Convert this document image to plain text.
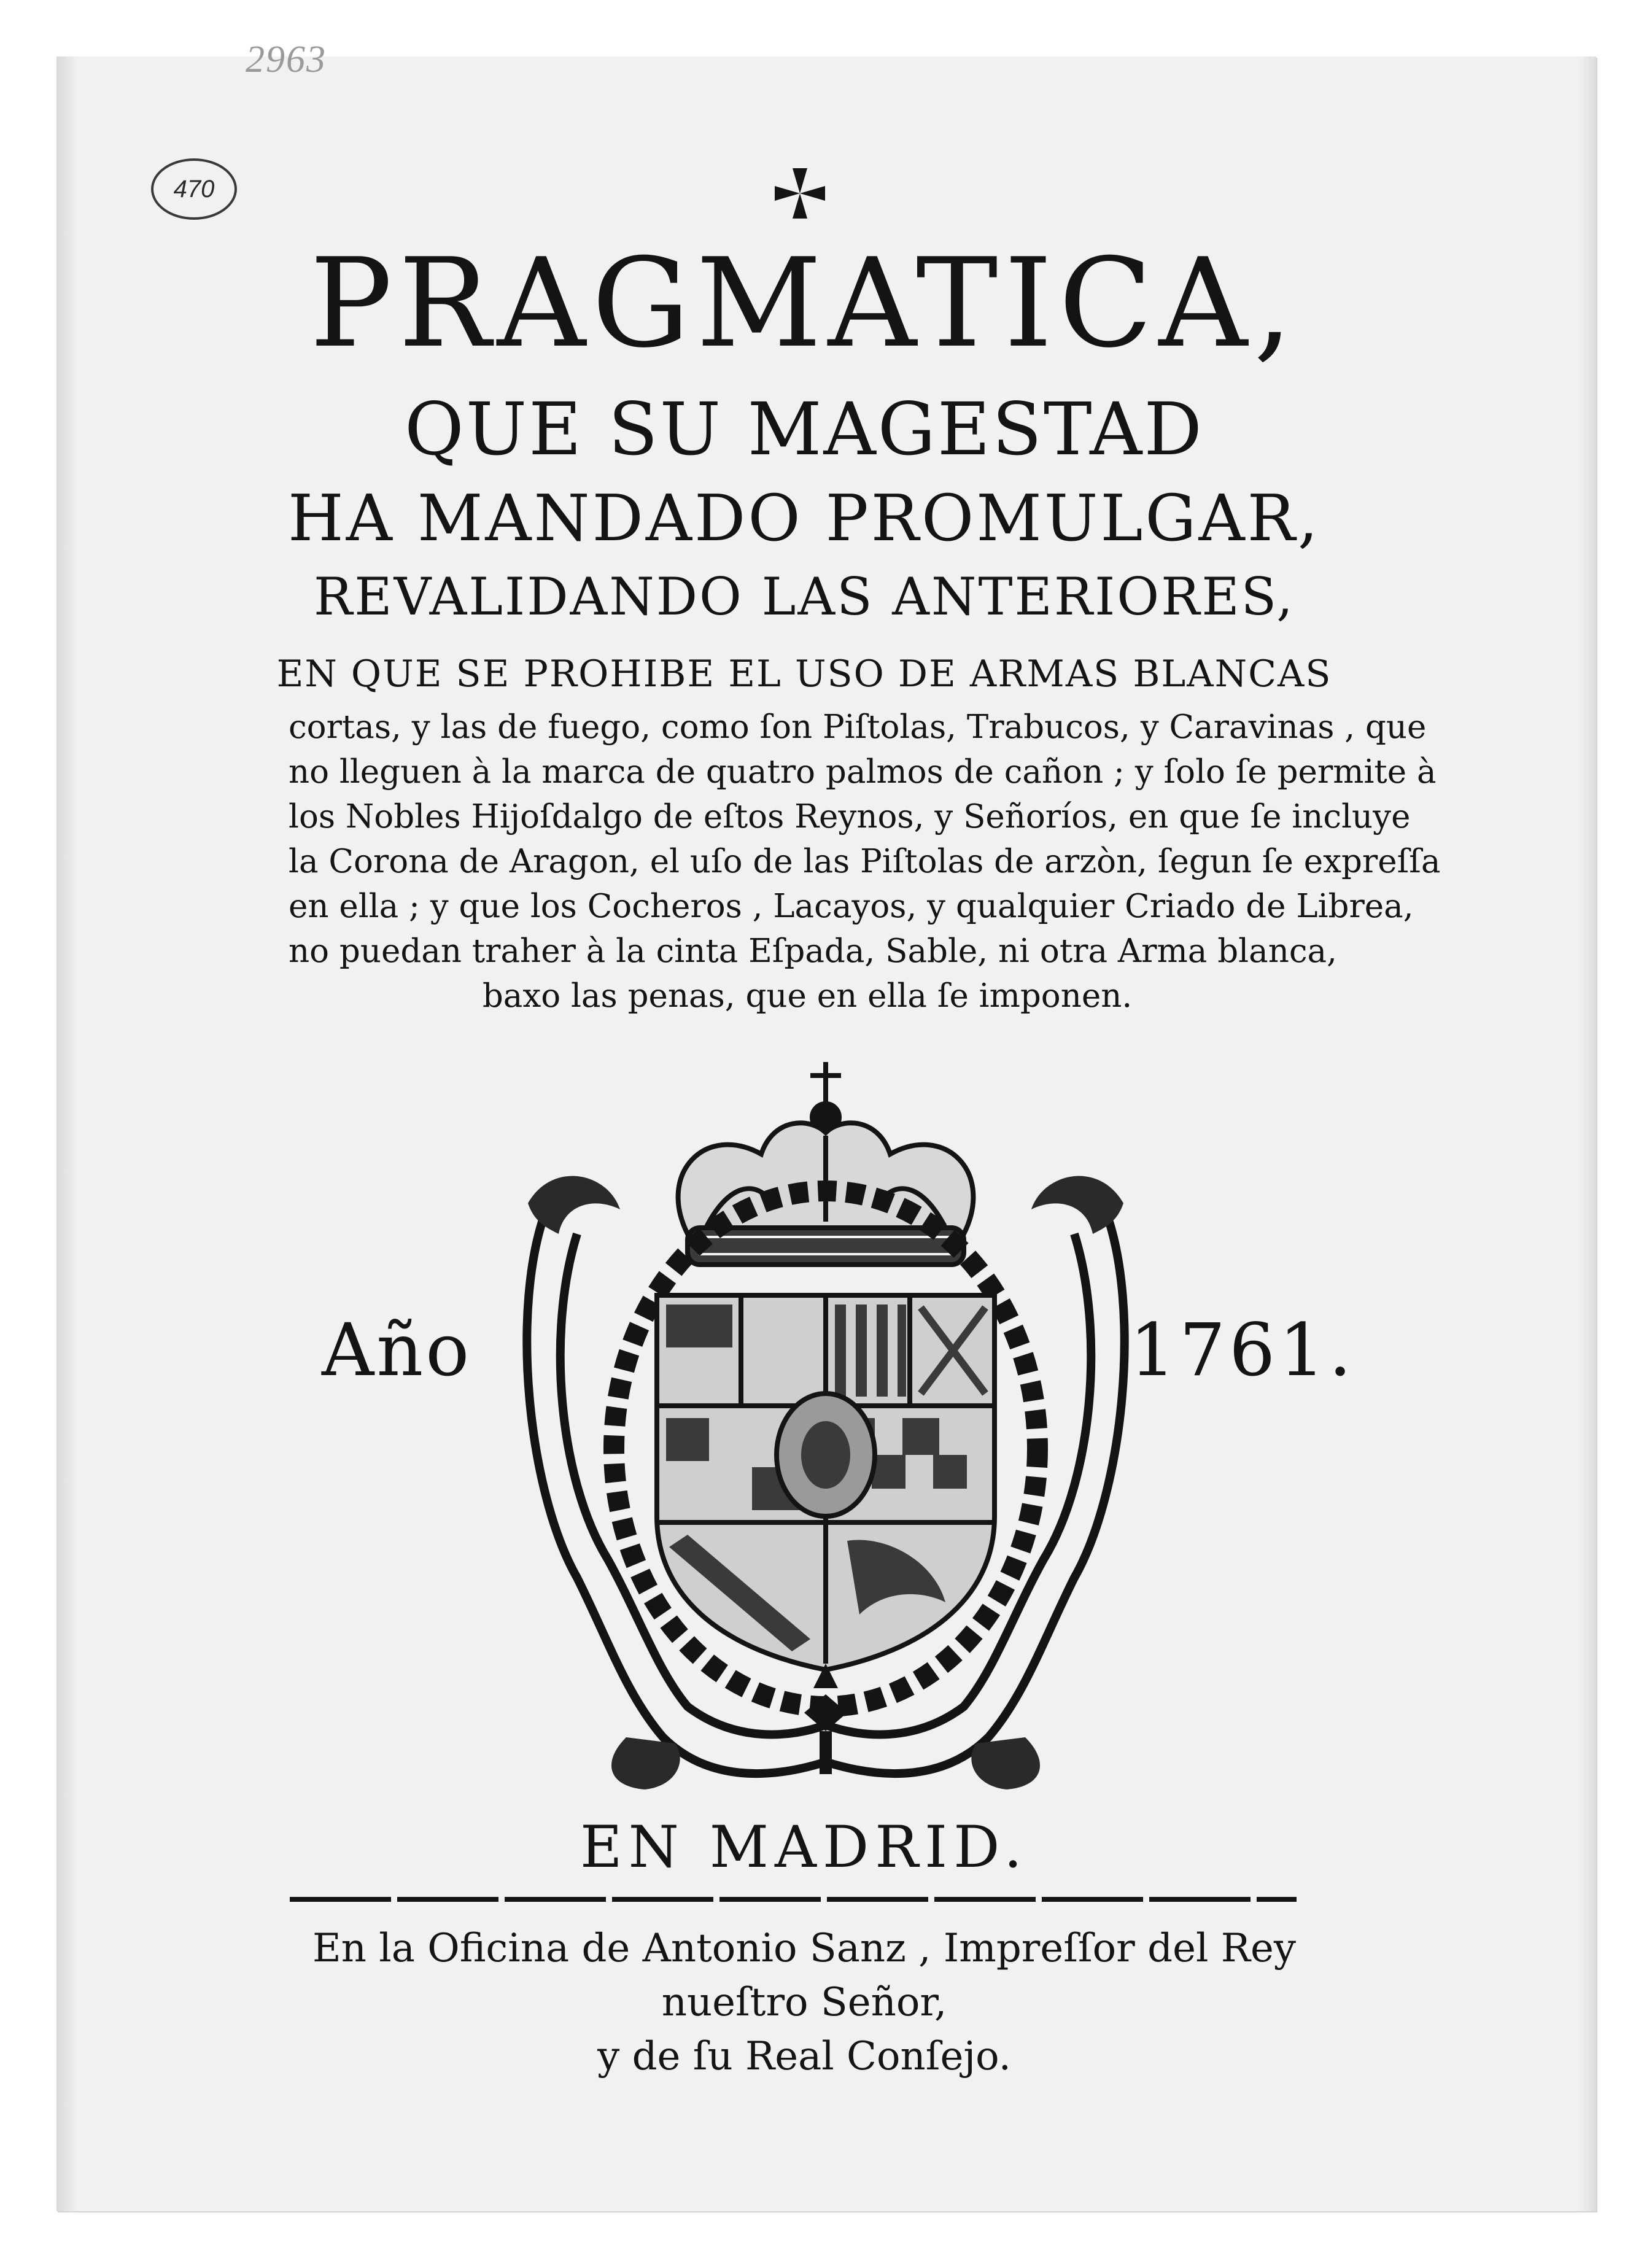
2963
470
PRAGMATICA,
QUE SU MAGESTAD
HA MANDADO PROMULGAR,
REVALIDANDO LAS ANTERIORES,
EN QUE SE PROHIBE EL USO DE ARMAS BLANCAS
cortas, y las de fuego, como ſon Piſtolas, Trabucos, y Caravinas , que
no lleguen à la marca de quatro palmos de cañon ; y ſolo ſe permite à
los Nobles Hijoſdalgo de eſtos Reynos, y Señoríos, en que ſe incluye
la Corona de Aragon, el uſo de las Piſtolas de arzòn, ſegun ſe expreſſa
en ella ; y que los Cocheros , Lacayos, y qualquier Criado de Librea,
no puedan traher à la cinta Eſpada, Sable, ni otra Arma blanca,
baxo las penas, que en ella ſe imponen.
Año	1761.
EN MADRID.
En la Oficina de Antonio Sanz , Impreſſor del Rey nueſtro Señor,
y de ſu Real Conſejo.
